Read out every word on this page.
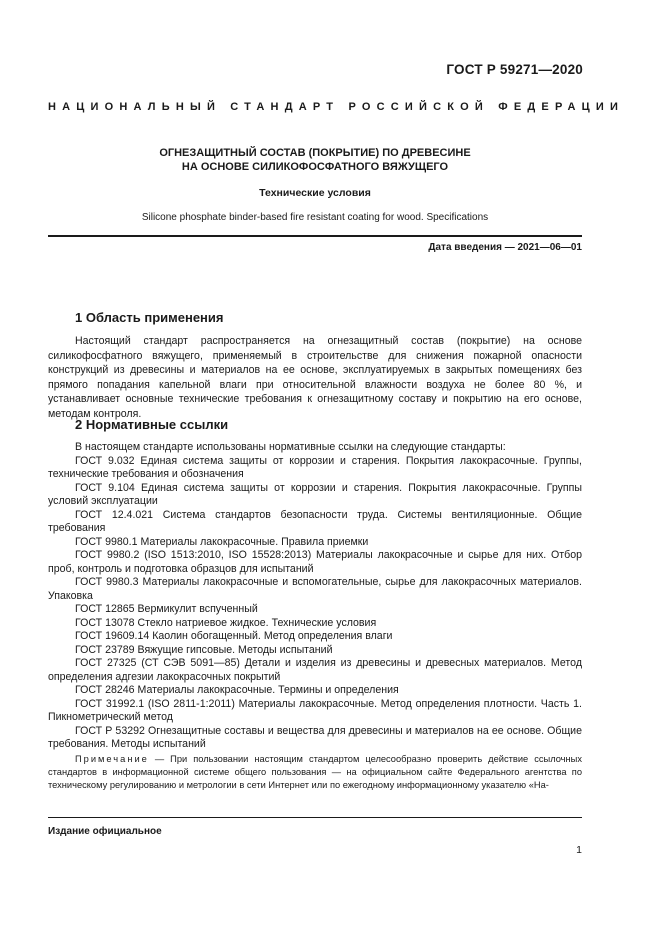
ГОСТ Р 59271—2020
НАЦИОНАЛЬНЫЙ СТАНДАРТ РОССИЙСКОЙ ФЕДЕРАЦИИ
ОГНЕЗАЩИТНЫЙ СОСТАВ (ПОКРЫТИЕ) ПО ДРЕВЕСИНЕ
НА ОСНОВЕ СИЛИКОФОСФАТНОГО ВЯЖУЩЕГО
Технические условия
Silicone phosphate binder-based fire resistant coating for wood. Specifications
Дата введения — 2021—06—01
1 Область применения

Настоящий стандарт распространяется на огнезащитный состав (покрытие) на основе силикофосфатного вяжущего, применяемый в строительстве для снижения пожарной опасности конструкций из древесины и материалов на ее основе, эксплуатируемых в закрытых помещениях без прямого попадания капельной влаги при относительной влажности воздуха не более 80 %, и устанавливает основные технические требования к огнезащитному составу и покрытию на его основе, методам контроля.

2 Нормативные ссылки

В настоящем стандарте использованы нормативные ссылки на следующие стандарты:

ГОСТ 9.032 Единая система защиты от коррозии и старения. Покрытия лакокрасочные. Группы, технические требования и обозначения

ГОСТ 9.104 Единая система защиты от коррозии и старения. Покрытия лакокрасочные. Группы условий эксплуатации

ГОСТ 12.4.021 Система стандартов безопасности труда. Системы вентиляционные. Общие требования

ГОСТ 9980.1 Материалы лакокрасочные. Правила приемки

ГОСТ 9980.2 (ISO 1513:2010, ISO 15528:2013) Материалы лакокрасочные и сырье для них. Отбор проб, контроль и подготовка образцов для испытаний

ГОСТ 9980.3 Материалы лакокрасочные и вспомогательные, сырье для лакокрасочных материалов. Упаковка

ГОСТ 12865 Вермикулит вспученный

ГОСТ 13078 Стекло натриевое жидкое. Технические условия

ГОСТ 19609.14 Каолин обогащенный. Метод определения влаги

ГОСТ 23789 Вяжущие гипсовые. Методы испытаний

ГОСТ 27325 (СТ СЭВ 5091—85) Детали и изделия из древесины и древесных материалов. Метод определения адгезии лакокрасочных покрытий

ГОСТ 28246 Материалы лакокрасочные. Термины и определения

ГОСТ 31992.1 (ISO 2811-1:2011) Материалы лакокрасочные. Метод определения плотности. Часть 1. Пикнометрический метод

ГОСТ Р 53292 Огнезащитные составы и вещества для древесины и материалов на ее основе. Общие требования. Методы испытаний

Примечание — При пользовании настоящим стандартом целесообразно проверить действие ссылочных стандартов в информационной системе общего пользования — на официальном сайте Федерального агентства по техническому регулированию и метрологии в сети Интернет или по ежегодному информационному указателю «На-

Издание официальное
1
